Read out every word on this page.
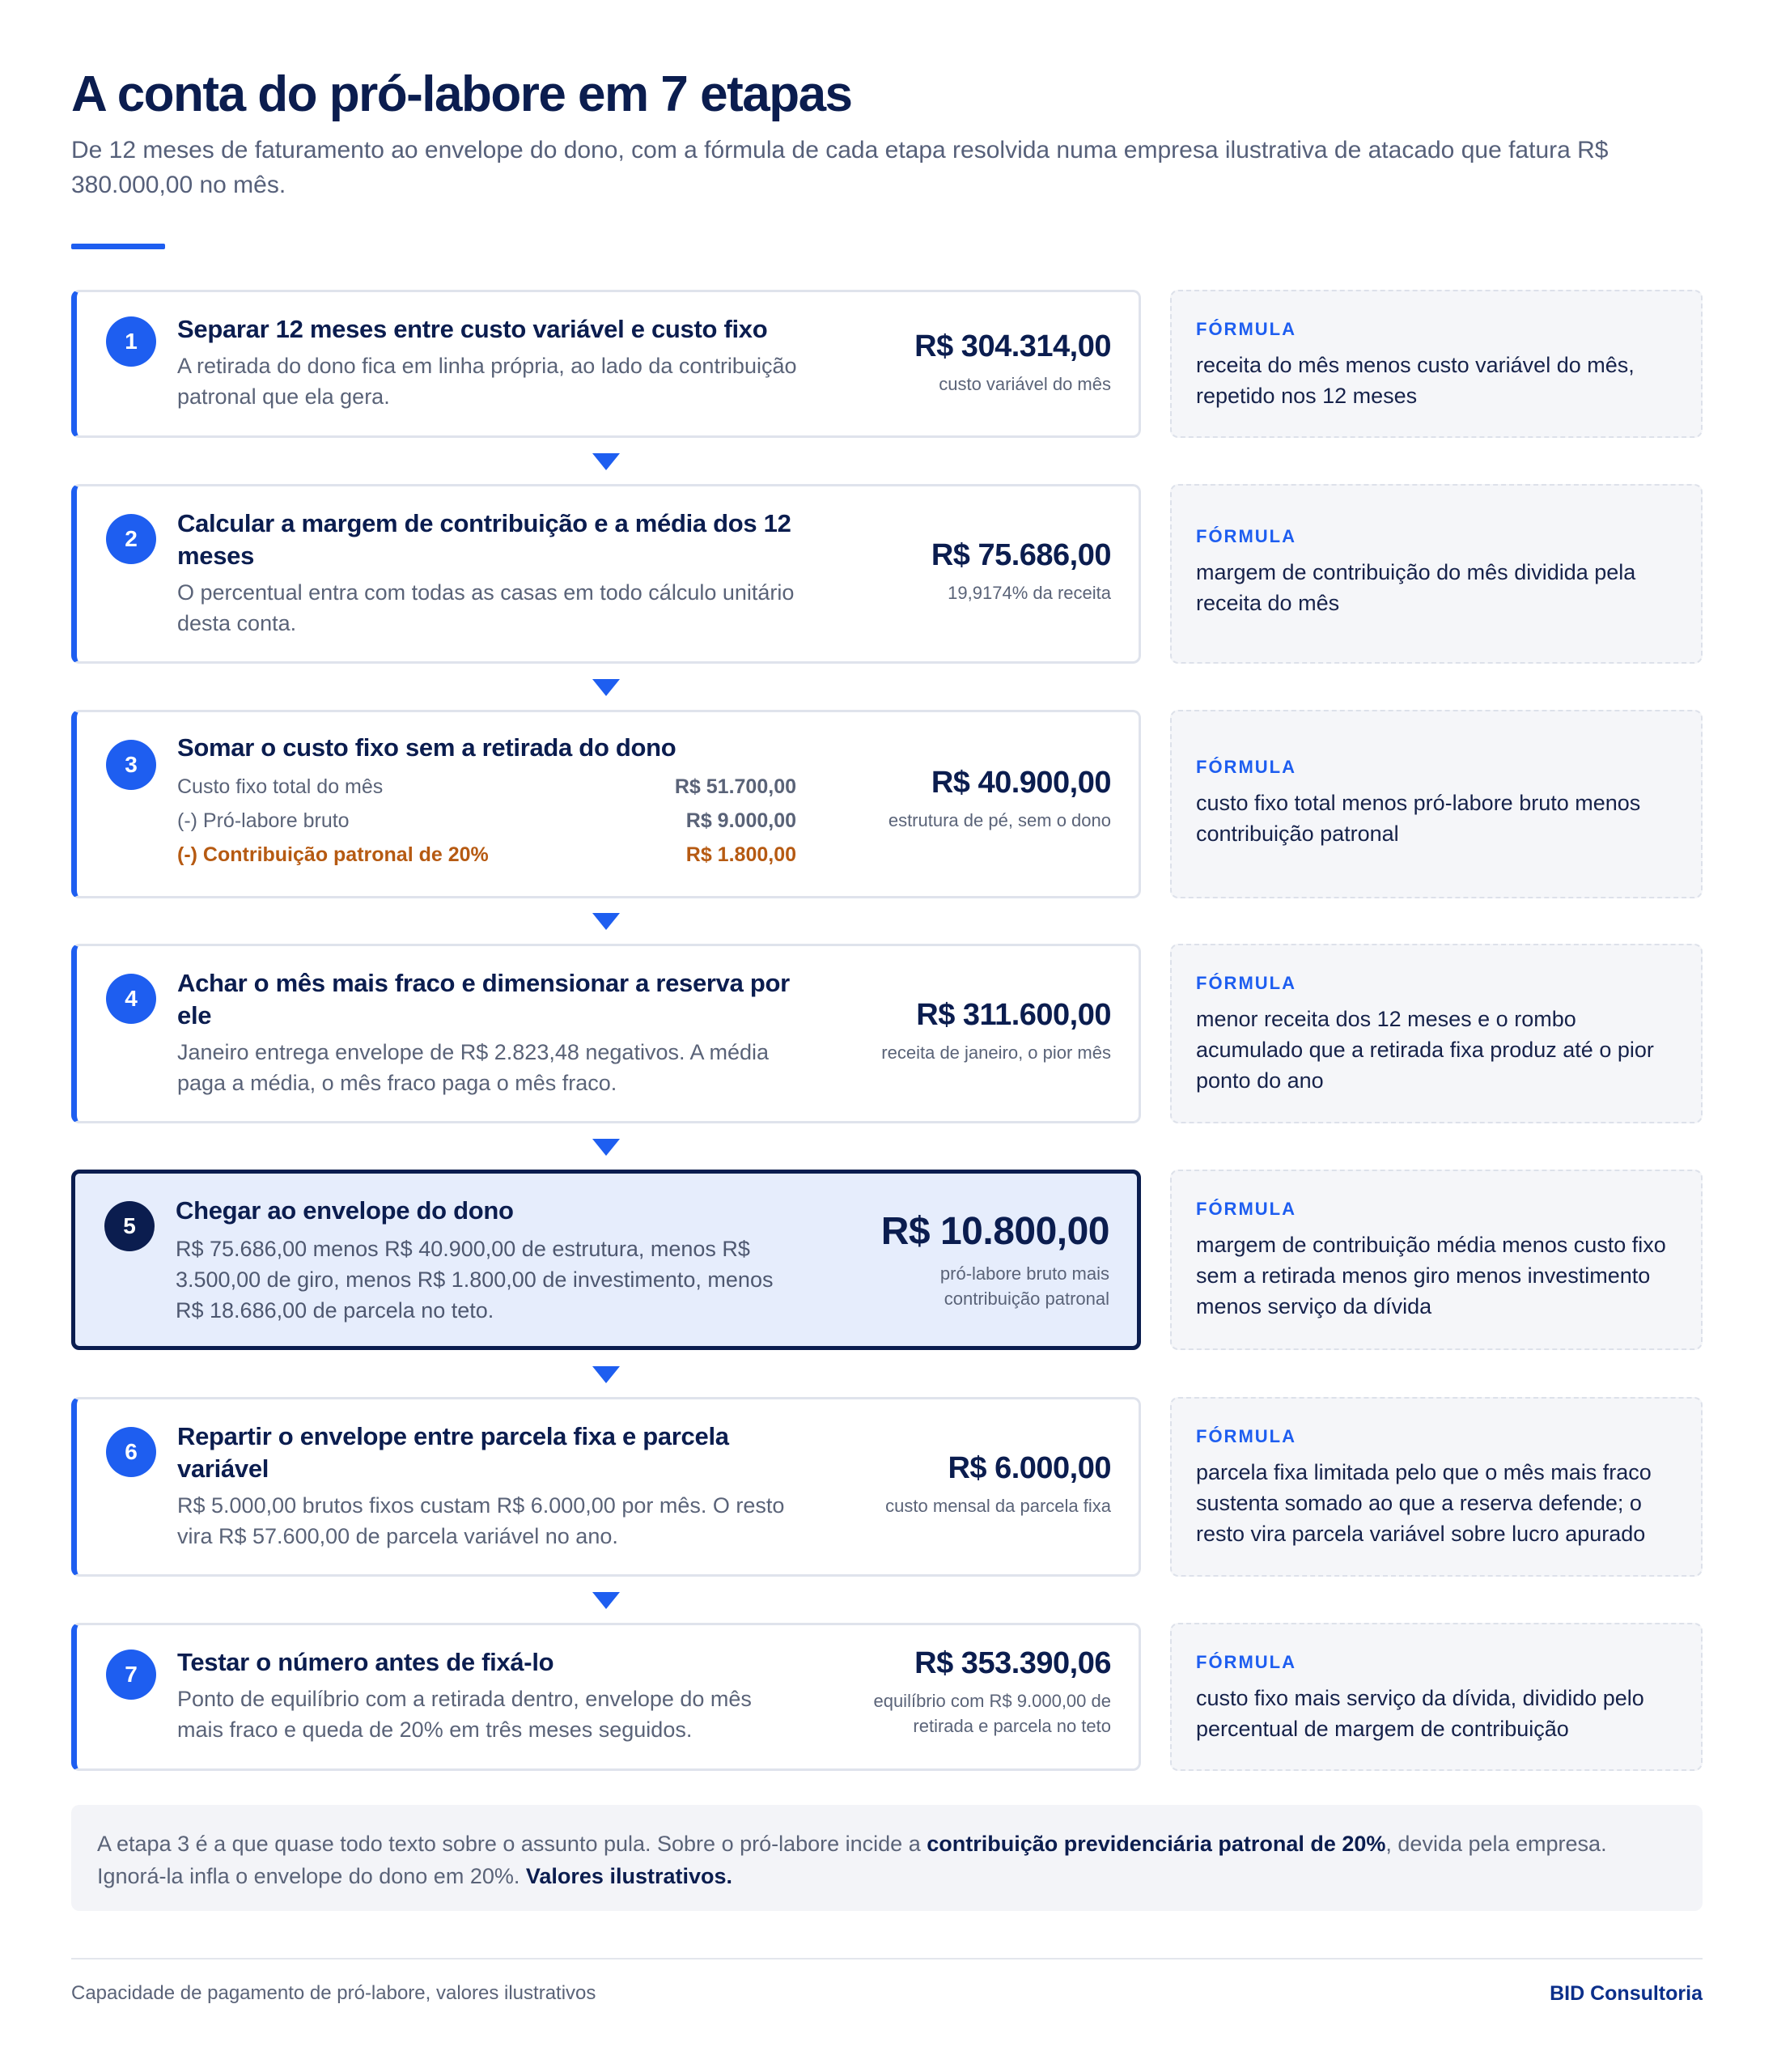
A conta do pró-labore em 7 etapas

De 12 meses de faturamento ao envelope do dono, com a fórmula de cada etapa resolvida numa empresa ilustrativa de atacado que fatura R$ 380.000,00 no mês.

1	Separar 12 meses entre custo variável e custo fixo
A retirada do dono fica em linha própria, ao lado da contribuição patronal que ela gera.
R$ 304.314,00
custo variável do mês
FÓRMULA
receita do mês menos custo variável do mês, repetido nos 12 meses
2
Calcular a margem de contribuição e a média dos 12 meses
O percentual entra com todas as casas em todo cálculo unitário desta conta.
R$ 75.686,00
19,9174% da receita
FÓRMULA
margem de contribuição do mês dividida pela receita do mês
3
Somar o custo fixo sem a retirada do dono
Custo fixo total do mês	R$ 51.700,00
(-) Pró-labore bruto	R$ 9.000,00
(-) Contribuição patronal de 20%	R$ 1.800,00
R$ 40.900,00
estrutura de pé, sem o dono
FÓRMULA
custo fixo total menos pró-labore bruto menos contribuição patronal
4
Achar o mês mais fraco e dimensionar a reserva por ele
Janeiro entrega envelope de R$ 2.823,48 negativos. A média paga a média, o mês fraco paga o mês fraco.
R$ 311.600,00
receita de janeiro, o pior mês
FÓRMULA
menor receita dos 12 meses e o rombo acumulado que a retirada fixa produz até o pior ponto do ano
5
Chegar ao envelope do dono
R$ 75.686,00 menos R$ 40.900,00 de estrutura, menos R$ 3.500,00 de giro, menos R$ 1.800,00 de investimento, menos R$ 18.686,00 de parcela no teto.
R$ 10.800,00
pró-labore bruto mais contribuição patronal
FÓRMULA
margem de contribuição média menos custo fixo sem a retirada menos giro menos investimento menos serviço da dívida
6
Repartir o envelope entre parcela fixa e parcela variável
R$ 5.000,00 brutos fixos custam R$ 6.000,00 por mês. O resto vira R$ 57.600,00 de parcela variável no ano.
R$ 6.000,00
custo mensal da parcela fixa
FÓRMULA
parcela fixa limitada pelo que o mês mais fraco sustenta somado ao que a reserva defende; o resto vira parcela variável sobre lucro apurado
7	Testar o número antes de fixá-lo
Ponto de equilíbrio com a retirada dentro, envelope do mês mais fraco e queda de 20% em três meses seguidos.
R$ 353.390,06
equilíbrio com R$ 9.000,00 de retirada e parcela no teto
FÓRMULA
custo fixo mais serviço da dívida, dividido pelo percentual de margem de contribuição
A etapa 3 é a que quase todo texto sobre o assunto pula. Sobre o pró-labore incide a contribuição previdenciária patronal de 20%, devida pela empresa. Ignorá-la infla o envelope do dono em 20%. Valores ilustrativos.
Capacidade de pagamento de pró-labore, valores ilustrativos	BID Consultoria
